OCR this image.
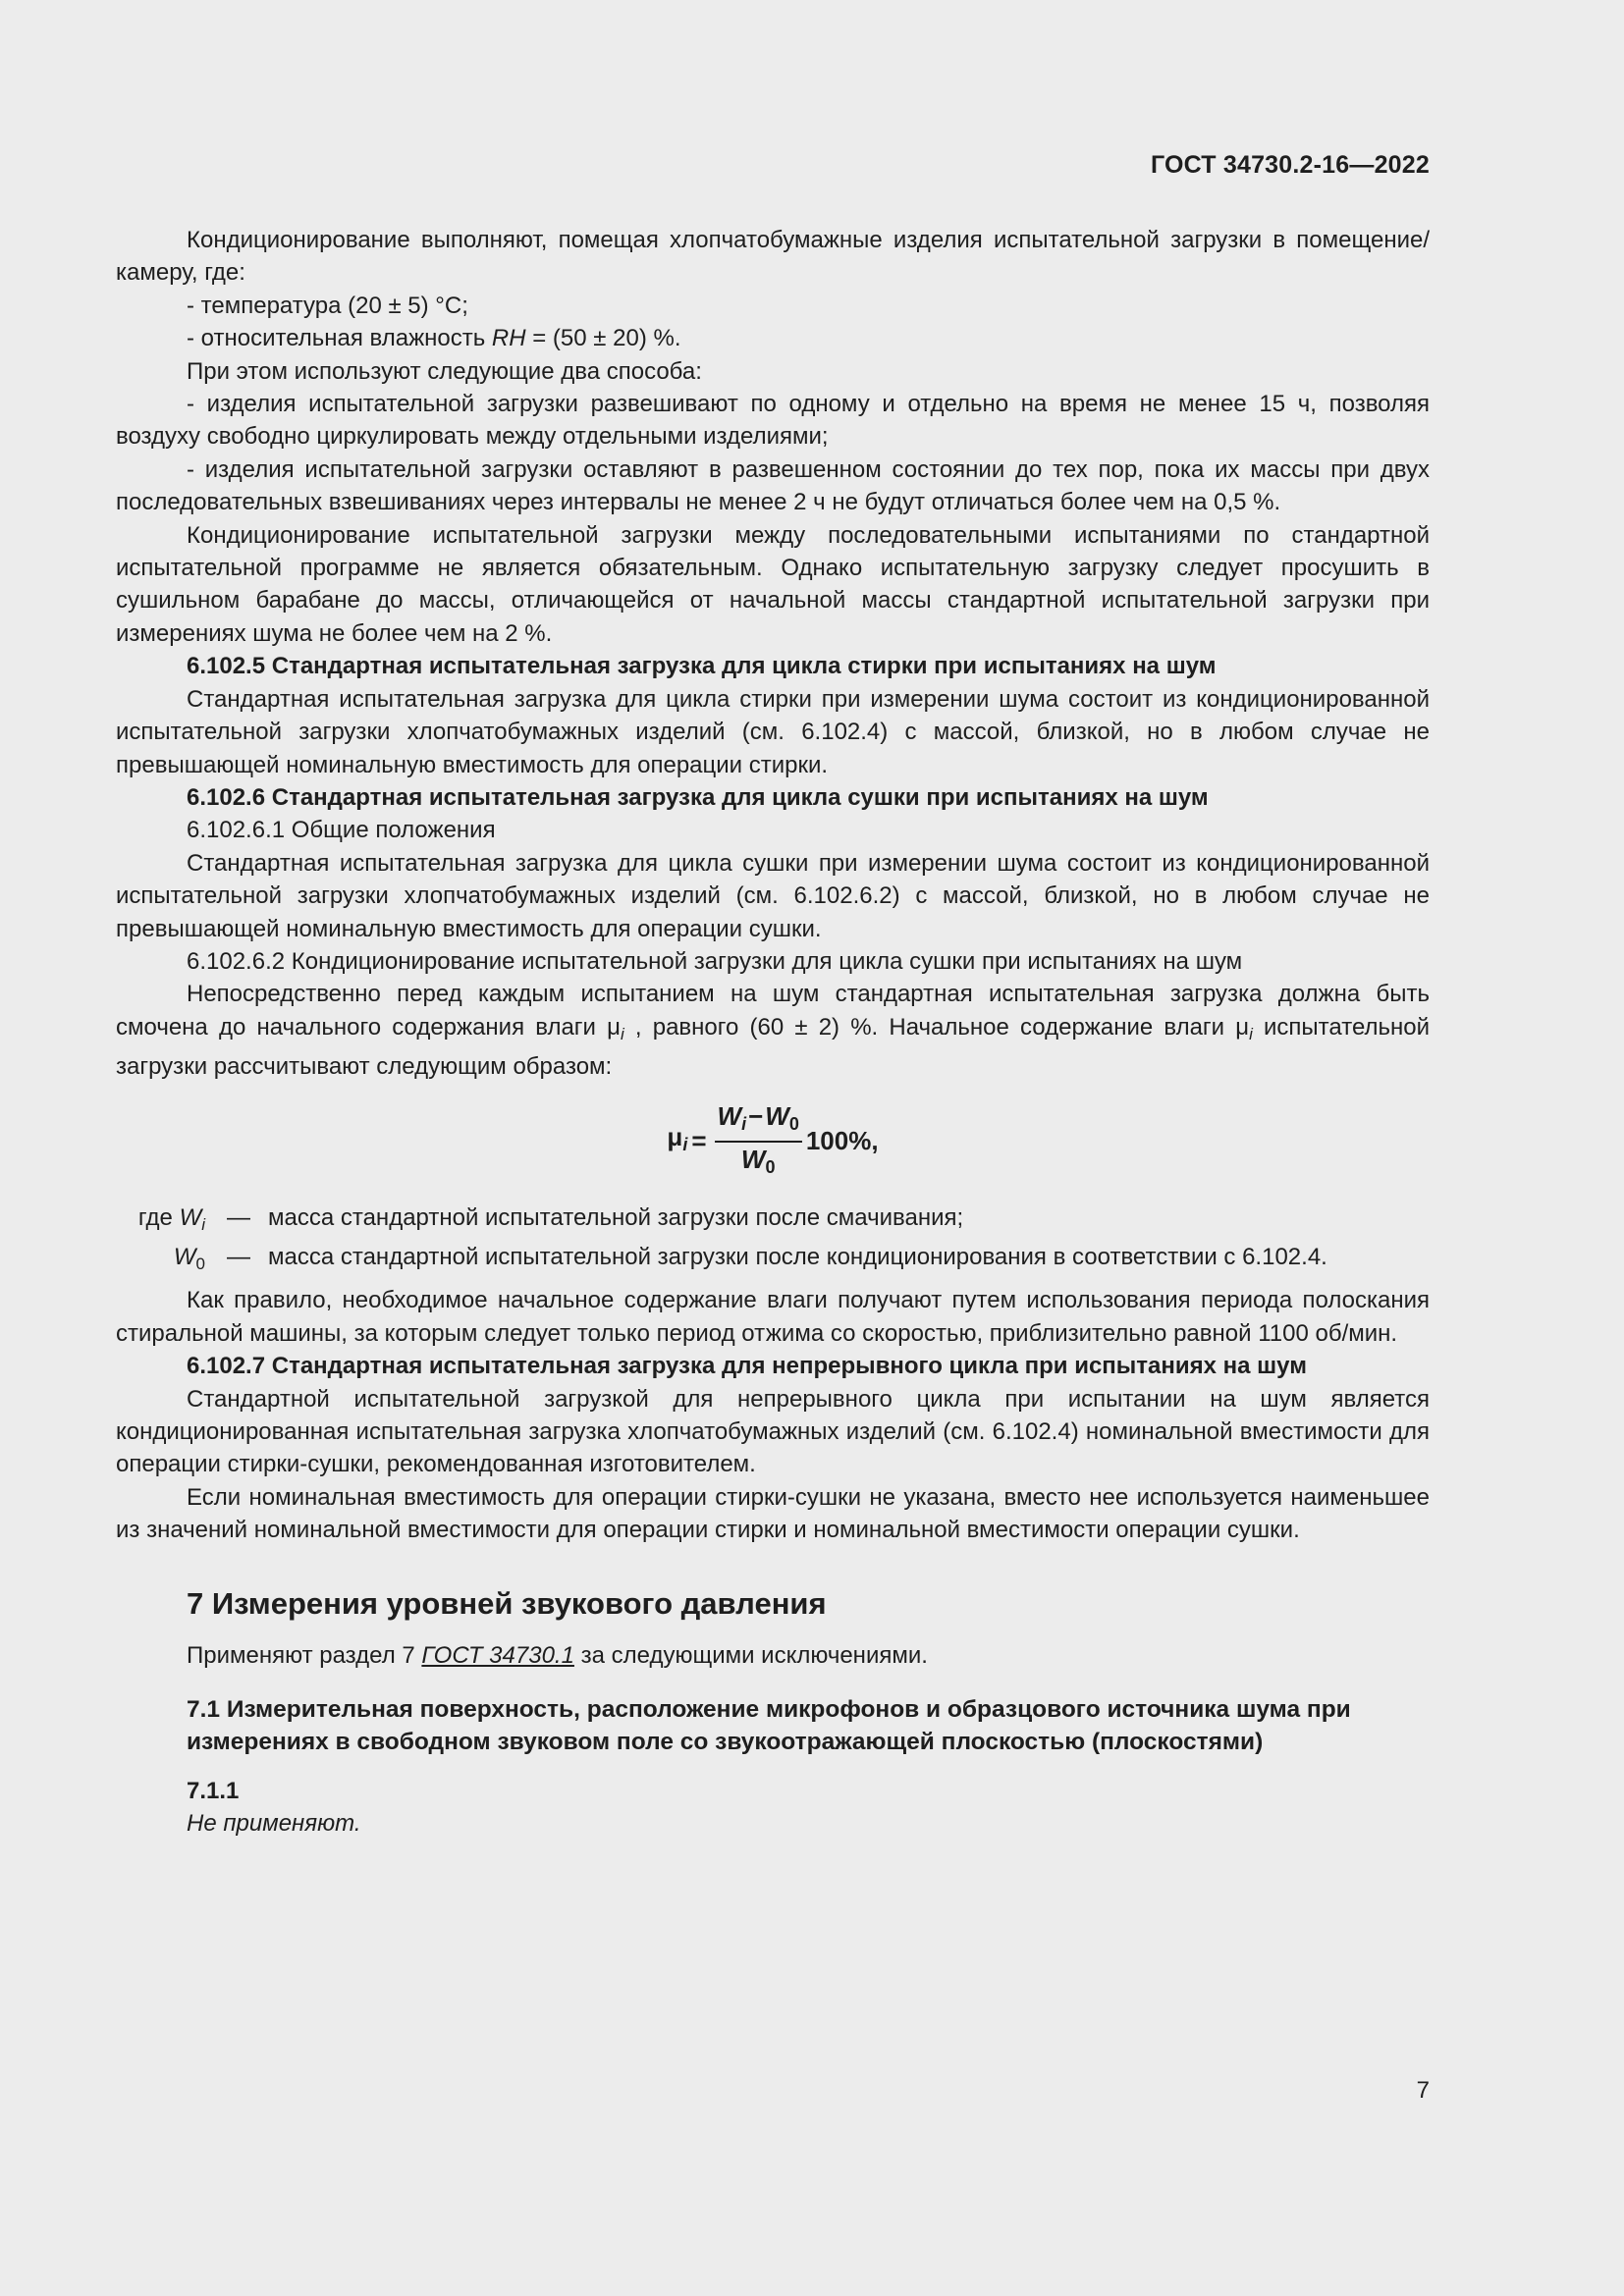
ГОСТ 34730.2-16—2022

Кондиционирование выполняют, помещая хлопчатобумажные изделия испытательной загрузки в помещение/камеру, где:

- температура (20 ± 5) °С;

- относительная влажность RH = (50 ± 20) %.

При этом используют следующие два способа:

- изделия испытательной загрузки развешивают по одному и отдельно на время не менее 15 ч, позволяя воздуху свободно циркулировать между отдельными изделиями;

- изделия испытательной загрузки оставляют в развешенном состоянии до тех пор, пока их массы при двух последовательных взвешиваниях через интервалы не менее 2 ч не будут отличаться более чем на 0,5 %.

Кондиционирование испытательной загрузки между последовательными испытаниями по стандартной испытательной программе не является обязательным. Однако испытательную загрузку следует просушить в сушильном барабане до массы, отличающейся от начальной массы стандартной испытательной загрузки при измерениях шума не более чем на 2 %.

6.102.5 Стандартная испытательная загрузка для цикла стирки при испытаниях на шум

Стандартная испытательная загрузка для цикла стирки при измерении шума состоит из кондиционированной испытательной загрузки хлопчатобумажных изделий (см. 6.102.4) с массой, близкой, но в любом случае не превышающей номинальную вместимость для операции стирки.

6.102.6 Стандартная испытательная загрузка для цикла сушки при испытаниях на шум

6.102.6.1 Общие положения

Стандартная испытательная загрузка для цикла сушки при измерении шума состоит из кондиционированной испытательной загрузки хлопчатобумажных изделий (см. 6.102.6.2) с массой, близкой, но в любом случае не превышающей номинальную вместимость для операции сушки.

6.102.6.2 Кондиционирование испытательной загрузки для цикла сушки при испытаниях на шум

Непосредственно перед каждым испытанием на шум стандартная испытательная загрузка должна быть смочена до начального содержания влаги $\mu_i$ , равного (60 ± 2) %. Начальное содержание влаги $\mu_i$ испытательной загрузки рассчитывают следующим образом:

$\mu i = \frac{Wi-W0}{W0} 100\%$,
где $W_i$ — масса стандартной испытательной загрузки после смачивания;
$W_0$ — масса стандартной испытательной загрузки после кондиционирования в соответствии с 6.102.4.

Как правило, необходимое начальное содержание влаги получают путем использования периода полоскания стиральной машины, за которым следует только период отжима со скоростью, приблизительно равной 1100 об/мин.

6.102.7 Стандартная испытательная загрузка для непрерывного цикла при испытаниях на шум

Стандартной испытательной загрузкой для непрерывного цикла при испытании на шум является кондиционированная испытательная загрузка хлопчатобумажных изделий (см. 6.102.4) номинальной вместимости для операции стирки-сушки, рекомендованная изготовителем.

Если номинальная вместимость для операции стирки-сушки не указана, вместо нее используется наименьшее из значений номинальной вместимости для операции стирки и номинальной вместимости операции сушки.

7 Измерения уровней звукового давления

Применяют раздел 7 ГОСТ 34730.1 за следующими исключениями.

7.1 Измерительная поверхность, расположение микрофонов и образцового источника шума при измерениях в свободном звуковом поле со звукоотражающей плоскостью (плоскостями)

7.1.1

Не применяют.

7
